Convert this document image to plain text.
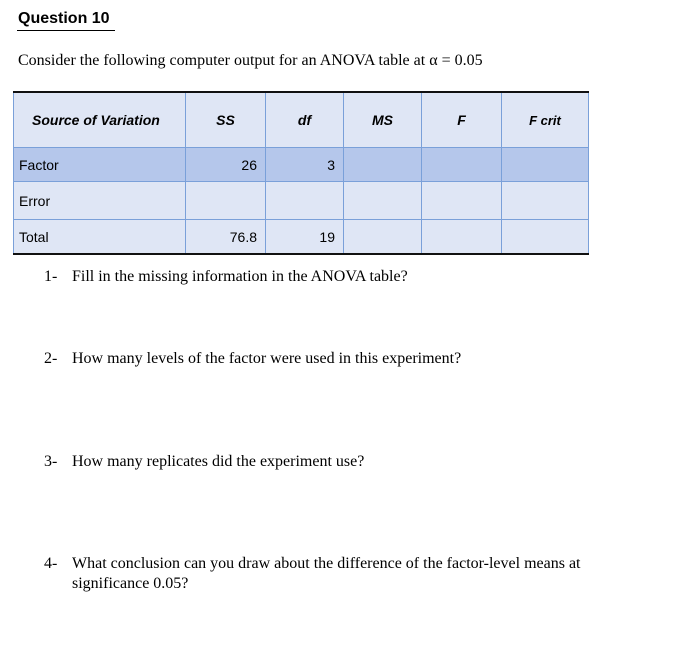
Question 10
Consider the following computer output for an ANOVA table at α = 0.05
Source of Variation	SS	df	MS	F	F crit
Factor	26	3			
Error					
Total	76.8	19			
1- Fill in the missing information in the ANOVA table?
2- How many levels of the factor were used in this experiment?
3- How many replicates did the experiment use?
4- What conclusion can you draw about the difference of the factor-level means at
significance 0.05?
